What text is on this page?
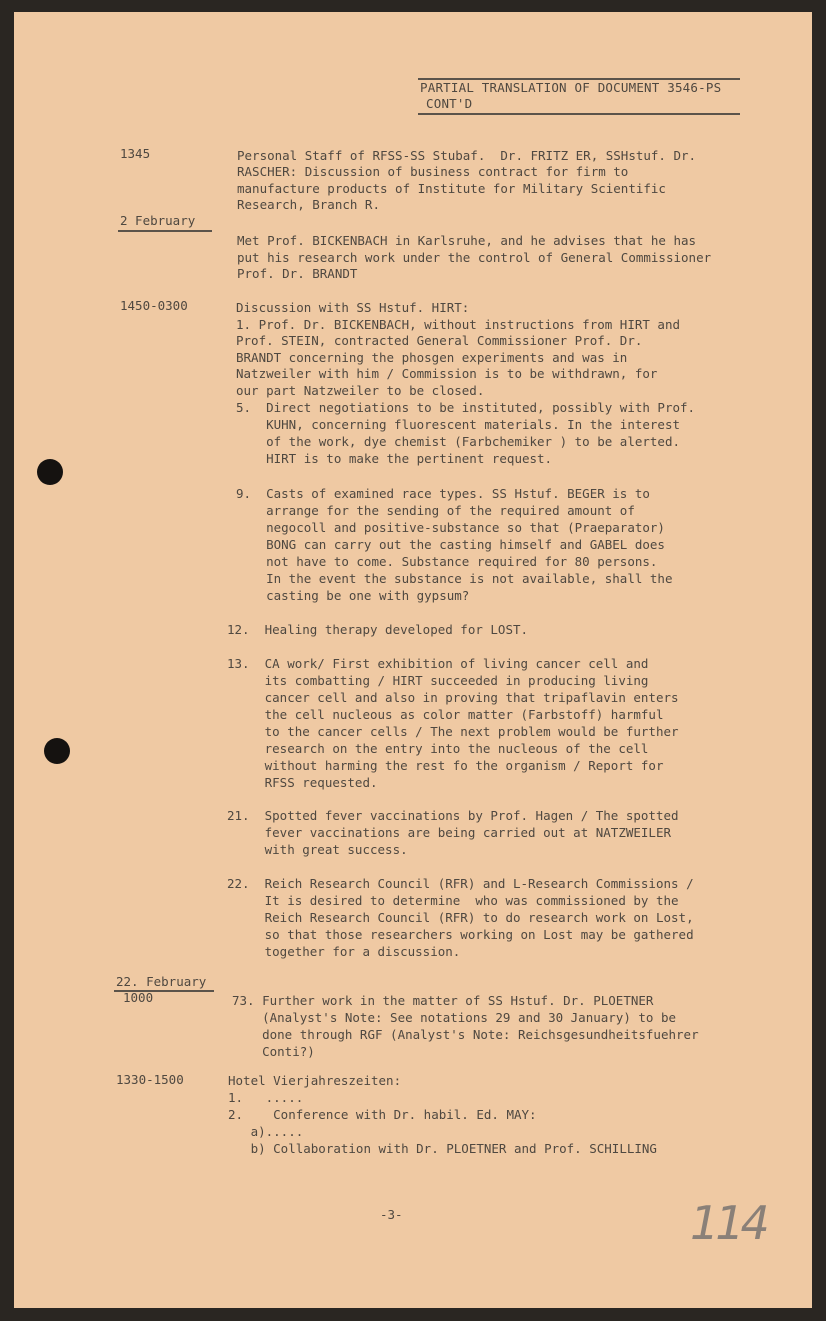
PARTIAL TRANSLATION OF DOCUMENT 3546-PS
CONT'D
1345	Personal Staff of RFSS-SS Stubaf.  Dr. FRITZ ER, SSHstuf. Dr.
RASCHER: Discussion of business contract for firm to
manufacture products of Institute for Military Scientific
Research, Branch R.
2 February
Met Prof. BICKENBACH in Karlsruhe, and he advises that he has
put his research work under the control of General Commissioner
Prof. Dr. BRANDT
1450-0300	Discussion with SS Hstuf. HIRT:
1. Prof. Dr. BICKENBACH, without instructions from HIRT and
Prof. STEIN, contracted General Commissioner Prof. Dr.
BRANDT concerning the phosgen experiments and was in
Natzweiler with him / Commission is to be withdrawn, for
our part Natzweiler to be closed.
5.  Direct negotiations to be instituted, possibly with Prof.
KUHN, concerning fluorescent materials. In the interest
of the work, dye chemist (Farbchemiker ) to be alerted.
HIRT is to make the pertinent request.
9.  Casts of examined race types. SS Hstuf. BEGER is to
arrange for the sending of the required amount of
negocoll and positive-substance so that (Praeparator)
BONG can carry out the casting himself and GABEL does
not have to come. Substance required for 80 persons.
In the event the substance is not available, shall the
casting be one with gypsum?
12.  Healing therapy developed for LOST.
13.  CA work/ First exhibition of living cancer cell and
its combatting / HIRT succeeded in producing living
cancer cell and also in proving that tripaflavin enters
the cell nucleous as color matter (Farbstoff) harmful
to the cancer cells / The next problem would be further
research on the entry into the nucleous of the cell
without harming the rest fo the organism / Report for
RFSS requested.
21.  Spotted fever vaccinations by Prof. Hagen / The spotted
fever vaccinations are being carried out at NATZWEILER
with great success.
22.  Reich Research Council (RFR) and L-Research Commissions /
It is desired to determine  who was commissioned by the
Reich Research Council (RFR) to do research work on Lost,
so that those researchers working on Lost may be gathered
together for a discussion.
22. February
1000	73. Further work in the matter of SS Hstuf. Dr. PLOETNER
(Analyst's Note: See notations 29 and 30 January) to be
done through RGF (Analyst's Note: Reichsgesundheitsfuehrer
Conti?)
1330-1500	Hotel Vierjahreszeiten:
1.   .....
2.    Conference with Dr. habil. Ed. MAY:
a).....
b) Collaboration with Dr. PLOETNER and Prof. SCHILLING
-3-	114
